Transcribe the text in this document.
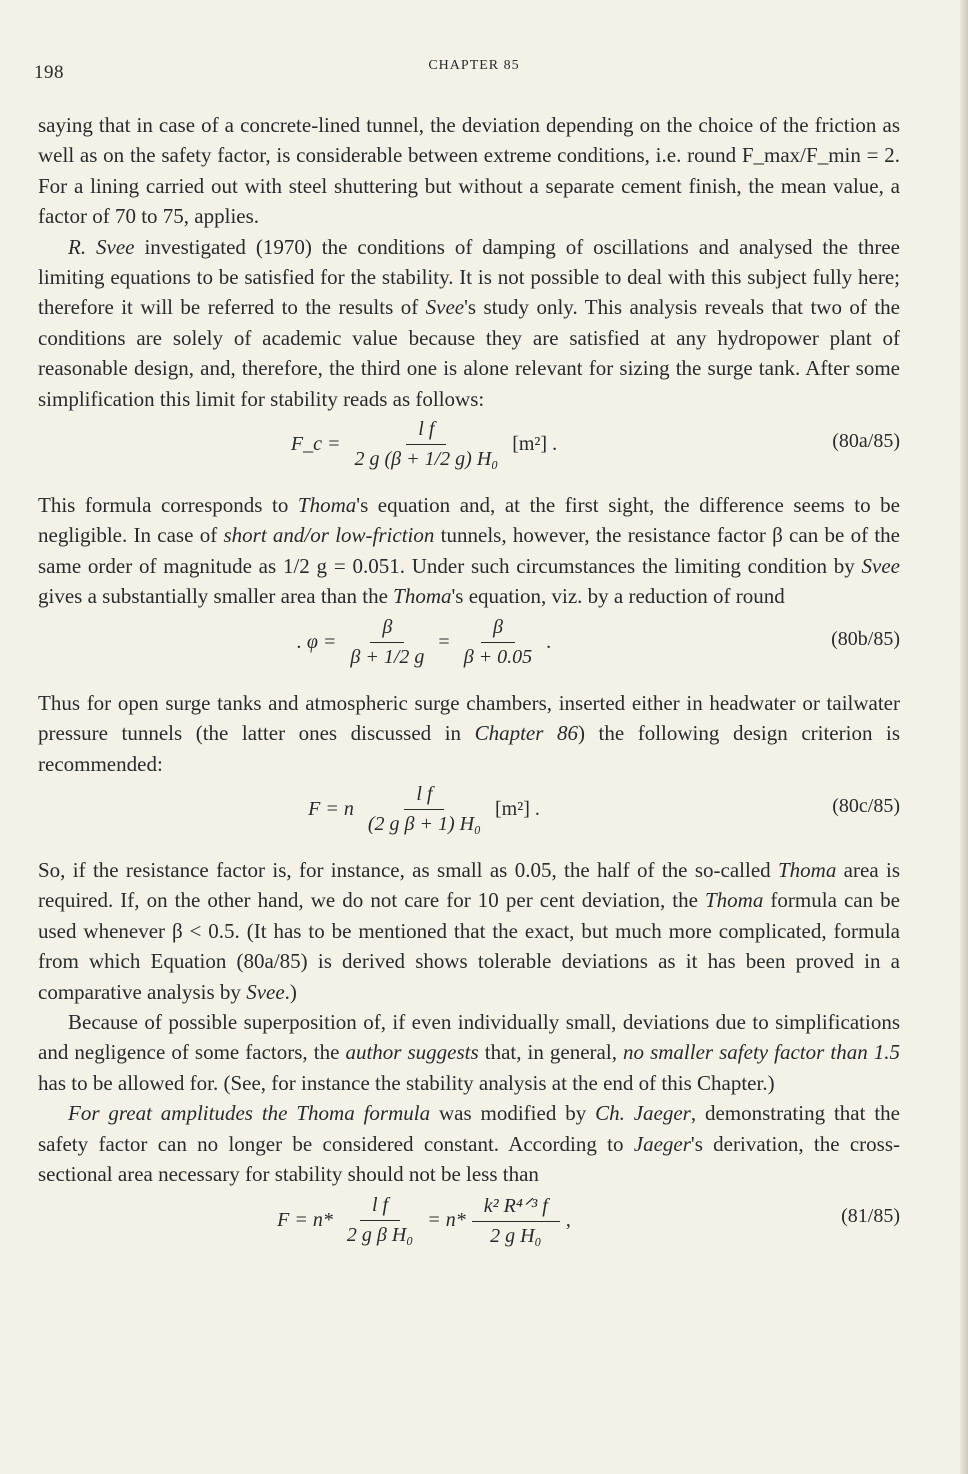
198	CHAPTER 85

saying that in case of a concrete-lined tunnel, the deviation depending on the choice of the friction as well as on the safety factor, is considerable between extreme conditions, i.e. round F_max/F_min = 2. For a lining carried out with steel shuttering but without a separate cement finish, the mean value, a factor of 70 to 75, applies.

R. Svee investigated (1970) the conditions of damping of oscillations and analysed the three limiting equations to be satisfied for the stability. It is not possible to deal with this subject fully here; therefore it will be referred to the results of Svee's study only. This analysis reveals that two of the conditions are solely of academic value because they are satisfied at any hydropower plant of reasonable design, and, therefore, the third one is alone relevant for sizing the surge tank. After some simplification this limit for stability reads as follows:

F_c = $\frac{\text{l f}}{\text{2 g (β + 1/2 g) H₀}} [m^2]$ .	(80a/85)

This formula corresponds to Thoma's equation and, at the first sight, the difference seems to be negligible. In case of short and/or low-friction tunnels, however, the resistance factor β can be of the same order of magnitude as 1/2 g = 0.051. Under such circumstances the limiting condition by Svee gives a substantially smaller area than the Thoma's equation, viz. by a reduction of round

. $\varphi = \frac{\beta}{\beta + 1/2 g} = \frac{\beta}{\beta + 0.05}$ .	(80b/85)

Thus for open surge tanks and atmospheric surge chambers, inserted either in headwater or tailwater pressure tunnels (the latter ones discussed in Chapter 86) the following design criterion is recommended:

F = n $\frac{\text{l f}}{\text{(2 g β + 1) H₀}} [m^2]$ .	(80c/85)

So, if the resistance factor is, for instance, as small as 0.05, the half of the so-called Thoma area is required. If, on the other hand, we do not care for 10 per cent deviation, the Thoma formula can be used whenever β < 0.5. (It has to be mentioned that the exact, but much more complicated, formula from which Equation (80a/85) is derived shows tolerable deviations as it has been proved in a comparative analysis by Svee.)

Because of possible superposition of, if even individually small, deviations due to simplifications and negligence of some factors, the author suggests that, in general, no smaller safety factor than 1.5 has to be allowed for. (See, for instance the stability analysis at the end of this Chapter.)

For great amplitudes the Thoma formula was modified by Ch. Jaeger, demonstrating that the safety factor can no longer be considered constant. According to Jaeger's derivation, the cross-sectional area necessary for stability should not be less than

$F = n* \frac{\text{l f}}{\text{2 g β H₀}} = n* \frac{\text{k² R⁴ᐟ³ f}}{\text{2 g H₀}}$ ,	(81/85)
